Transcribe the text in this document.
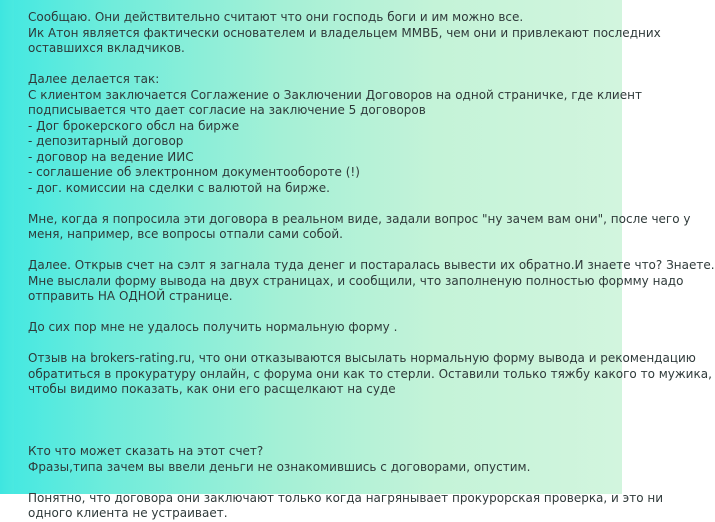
Сообщаю. Они действительно считают что они господь боги и им можно все.
Ик Атон является фактически основателем и владельцем ММВБ, чем они и привлекают последних
оставшихся вкладчиков.
Далее делается так:
С клиентом заключается Соглажение о Заключении Договоров на одной страничке, где клиент
подписывается что дает согласие на заключение 5 договоров
- Дог брокерского обсл на бирже
- депозитарный договор
- договор на ведение ИИС
- соглашение об электронном документообороте (!)
- дог. комиссии на сделки с валютой на бирже.
Мне, когда я попросила эти договора в реальном виде, задали вопрос "ну зачем вам они", после чего у
меня, например, все вопросы отпали сами собой.
Далее. Открыв счет на сэлт я загнала туда денег и постаралась вывести их обратно.И знаете что? Знаете.
Мне выслали форму вывода на двух страницах, и сообщили, что заполненую полностью формму надо
отправить НА ОДНОЙ странице.
До сих пор мне не удалось получить нормальную форму .
Отзыв на brokers-rating.ru, что они отказываются высылать нормальную форму вывода и рекомендацию
обратиться в прокуратуру онлайн, с форума они как то стерли. Оставили только тяжбу какого то мужика,
чтобы видимо показать, как они его расщелкают на суде
Кто что может сказать на этот счет?
Фразы,типа зачем вы ввели деньги не ознакомившись с договорами, опустим.
Понятно, что договора они заключают только когда нагрянывает прокурорская проверка, и это ни
одного клиента не устраивает.
